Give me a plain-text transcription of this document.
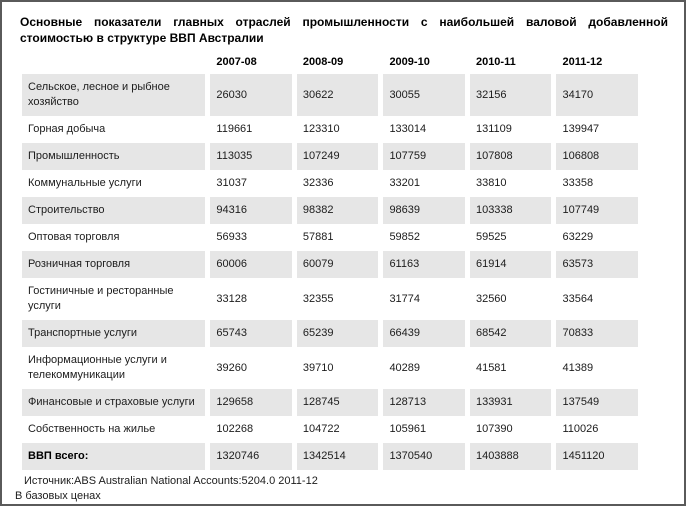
Основные показатели главных отраслей промышленности с наибольшей валовой добавленной стоимостью в структуре ВВП Австралии
	2007-08	2008-09	2009-10	2010-11	2011-12
Сельское, лесное и рыбное хозяйство	26030	30622	30055	32156	34170
Горная добыча	119661	123310	133014	131109	139947
Промышленность	113035	107249	107759	107808	106808
Коммунальные услуги	31037	32336	33201	33810	33358
Строительство	94316	98382	98639	103338	107749
Оптовая торговля	56933	57881	59852	59525	63229
Розничная торговля	60006	60079	61163	61914	63573
Гостиничные и ресторанные услуги	33128	32355	31774	32560	33564
Транспортные услуги	65743	65239	66439	68542	70833
Информационные услуги и телекоммуникации	39260	39710	40289	41581	41389
Финансовые и страховые услуги	129658	128745	128713	133931	137549
Собственность на жилье	102268	104722	105961	107390	110026
ВВП всего:	1320746	1342514	1370540	1403888	1451120
Источник:ABS Australian National Accounts:5204.0 2011-12
В базовых ценах
